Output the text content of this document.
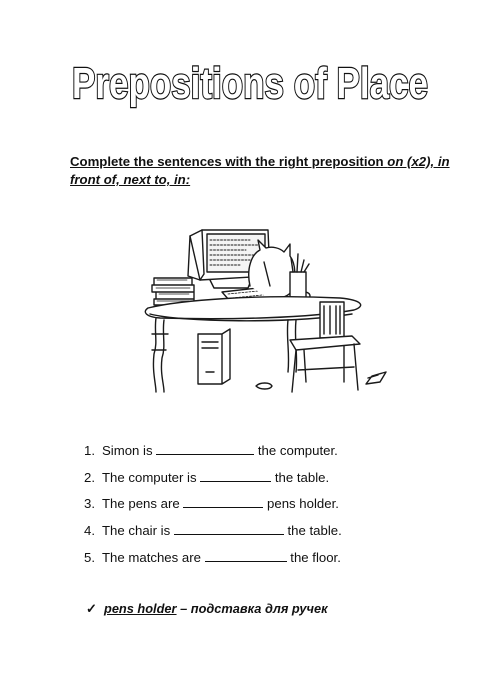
Prepositions of Place
Complete the sentences with the right preposition on (x2), in front of, next to, in:
1. Simon is	the computer.
2. The computer is	the table.
3. The pens are	pens holder.
4. The chair is	the table.
5. The matches are	the floor.
✓ pens holder – подставка для ручек
